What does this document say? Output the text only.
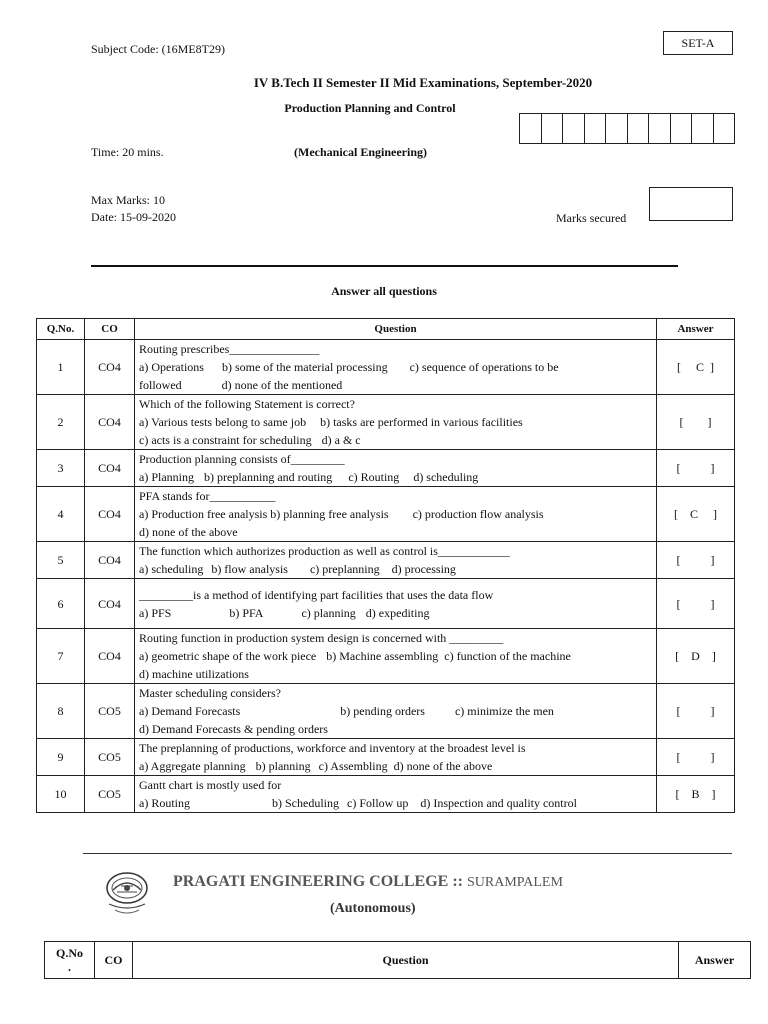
Subject Code: (16ME8T29)	SET-A
IV B.Tech II Semester II Mid Examinations, September-2020
Production Planning and Control
Time: 20 mins.	(Mechanical Engineering)
Max Marks: 10
Date: 15-09-2020	Marks secured
Answer all questions
Q.No.	CO	Question	Answer
1	CO4	Routing prescribes_______________
a) Operations b) some of the material processing c) sequence of operations to be
followed d) none of the mentioned	[     C  ]
2	CO4	Which of the following Statement is correct?
a) Various tests belong to same job b) tasks are performed in various facilities
c) acts is a constraint for scheduling d) a & c	[        ]
3	CO4	Production planning consists of_________
a) Planning b) preplanning and routing c) Routing d) scheduling	[          ]
4	CO4	PFA stands for___________
a) Production free analysis b) planning free analysis c) production flow analysis
d) none of the above	[    C     ]
5	CO4	The function which authorizes production as well as control is____________
a) scheduling b) flow analysis c) preplanning d) processing	[          ]
6	CO4	_________is a method of identifying part facilities that uses the data flow
a) PFS b) PFA c) planning d) expediting	[          ]
7	CO4	Routing function in production system design is concerned with _________
a) geometric shape of the work piece b) Machine assembling c) function of the machine
d) machine utilizations	[    D    ]
8	CO5	Master scheduling considers?
a) Demand Forecasts b) pending orders c) minimize the men
d) Demand Forecasts & pending orders	[          ]
9	CO5	The preplanning of productions, workforce and inventory at the broadest level is
a) Aggregate planning b) planning c) Assembling d) none of the above	[          ]
10	CO5	Gantt chart is mostly used for
a) Routing b) Scheduling c) Follow up d) Inspection and quality control	[    B    ]
PRAGATI ENGINEERING COLLEGE :: SURAMPALEM
(Autonomous)
Q.No
.	CO	Question	Answer
